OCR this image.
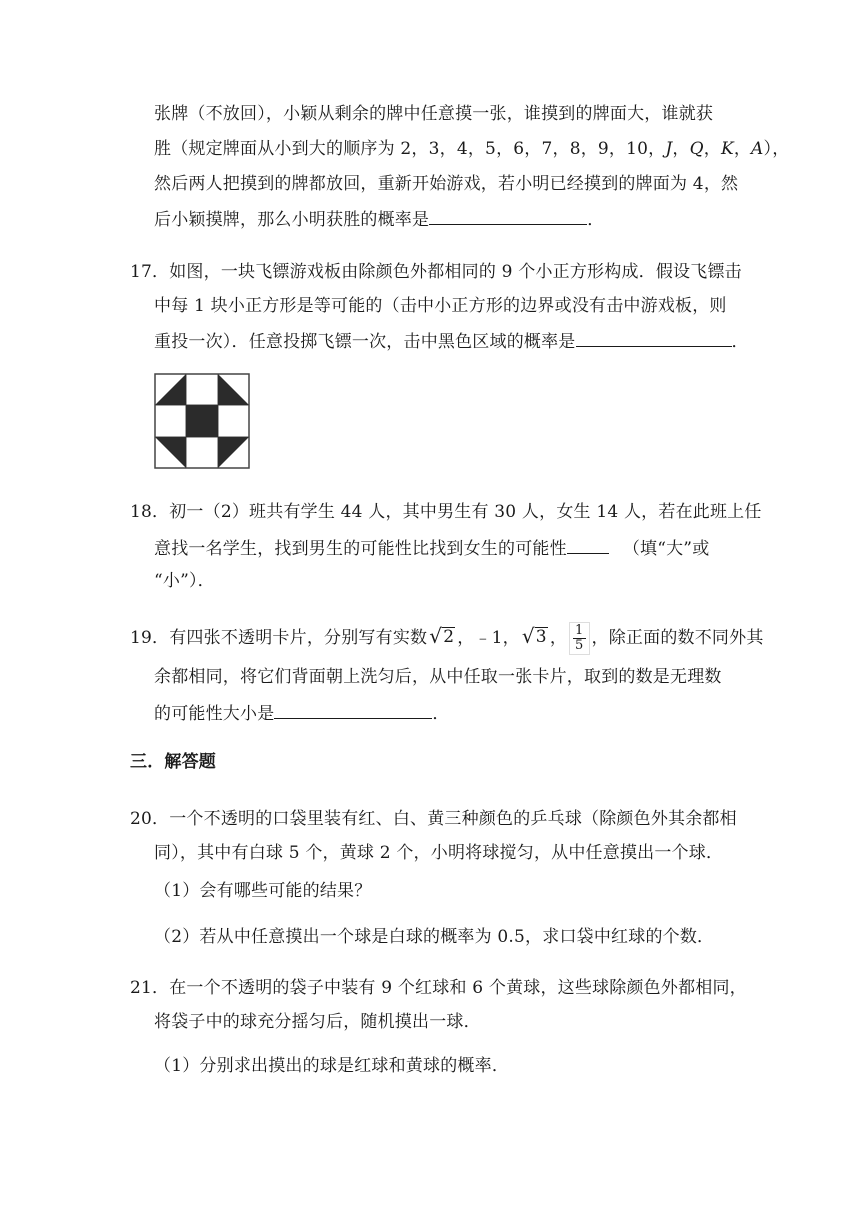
张牌（不放回），小颖从剩余的牌中任意摸一张，谁摸到的牌面大，谁就获
胜（规定牌面从小到大的顺序为 2，3，4，5，6，7，8，9，10，J，Q，K，A），
然后两人把摸到的牌都放回，重新开始游戏，若小明已经摸到的牌面为 4，然
后小颖摸牌，那么小明获胜的概率是	．
17．如图，一块飞镖游戏板由除颜色外都相同的 9 个小正方形构成．假设飞镖击
中每 1 块小正方形是等可能的（击中小正方形的边界或没有击中游戏板，则
重投一次）．任意投掷飞镖一次，击中黑色区域的概率是	．
18．初一（2）班共有学生 44 人，其中男生有 30 人，女生 14 人，若在此班上任
意找一名学生，找到男生的可能性比找到女生的可能性	（填“大”或
“小”）．
19．有四张不透明卡片，分别写有实数 √ 2 ，﹣1， √ 3 ， $\frac{1}{5}$ ，除正面的数不同外其
余都相同，将它们背面朝上洗匀后，从中任取一张卡片，取到的数是无理数
的可能性大小是	．
三．解答题
20．一个不透明的口袋里装有红、白、黄三种颜色的乒乓球（除颜色外其余都相
同），其中有白球 5 个，黄球 2 个，小明将球搅匀，从中任意摸出一个球．
（1）会有哪些可能的结果？
（2）若从中任意摸出一个球是白球的概率为 0.5，求口袋中红球的个数．
21．在一个不透明的袋子中装有 9 个红球和 6 个黄球，这些球除颜色外都相同，
将袋子中的球充分摇匀后，随机摸出一球．
（1）分别求出摸出的球是红球和黄球的概率．
